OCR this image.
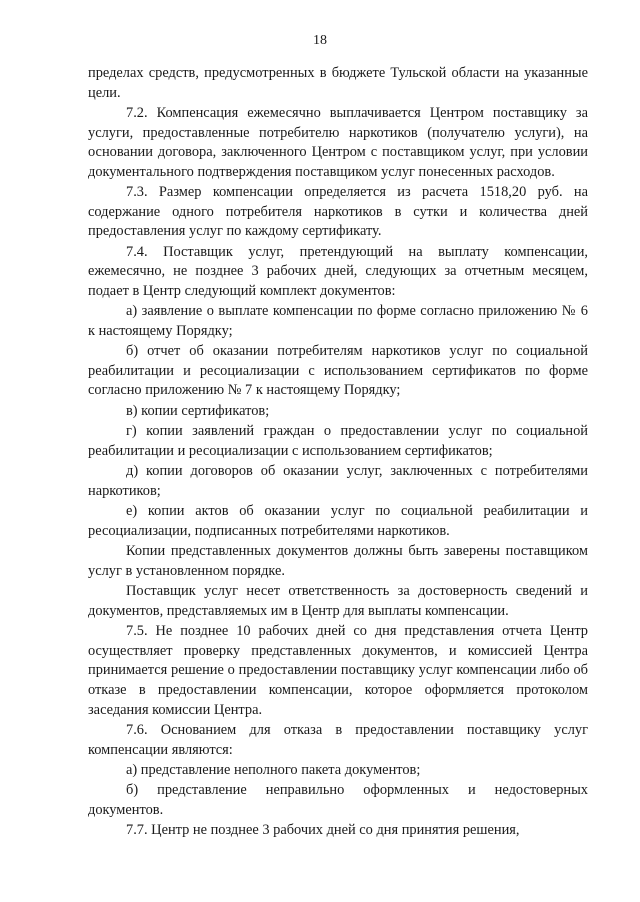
18

пределах средств, предусмотренных в бюджете Тульской области на указанные цели.

7.2. Компенсация ежемесячно выплачивается Центром поставщику за услуги, предоставленные потребителю наркотиков (получателю услуги), на основании договора, заключенного Центром с поставщиком услуг, при условии документального подтверждения поставщиком услуг понесенных расходов.

7.3. Размер компенсации определяется из расчета 1518,20 руб. на содержание одного потребителя наркотиков в сутки и количества дней предоставления услуг по каждому сертификату.

7.4. Поставщик услуг, претендующий на выплату компенсации, ежемесячно, не позднее 3 рабочих дней, следующих за отчетным месяцем, подает в Центр следующий комплект документов:

а) заявление о выплате компенсации по форме согласно приложению № 6 к настоящему Порядку;

б) отчет об оказании потребителям наркотиков услуг по социальной реабилитации и ресоциализации с использованием сертификатов по форме согласно приложению № 7 к настоящему Порядку;

в) копии сертификатов;

г) копии заявлений граждан о предоставлении услуг по социальной реабилитации и ресоциализации с использованием сертификатов;

д) копии договоров об оказании услуг, заключенных с потребителями наркотиков;

е) копии актов об оказании услуг по социальной реабилитации и ресоциализации, подписанных потребителями наркотиков.

Копии представленных документов должны быть заверены поставщиком услуг в установленном порядке.

Поставщик услуг несет ответственность за достоверность сведений и документов, представляемых им в Центр для выплаты компенсации.

7.5. Не позднее 10 рабочих дней со дня представления отчета Центр осуществляет проверку представленных документов, и комиссией Центра принимается решение о предоставлении поставщику услуг компенсации либо об отказе в предоставлении компенсации, которое оформляется протоколом заседания комиссии Центра.

7.6. Основанием для отказа в предоставлении поставщику услуг компенсации являются:

а) представление неполного пакета документов;

б) представление неправильно оформленных и недостоверных документов.

7.7. Центр не позднее 3 рабочих дней со дня принятия решения,
